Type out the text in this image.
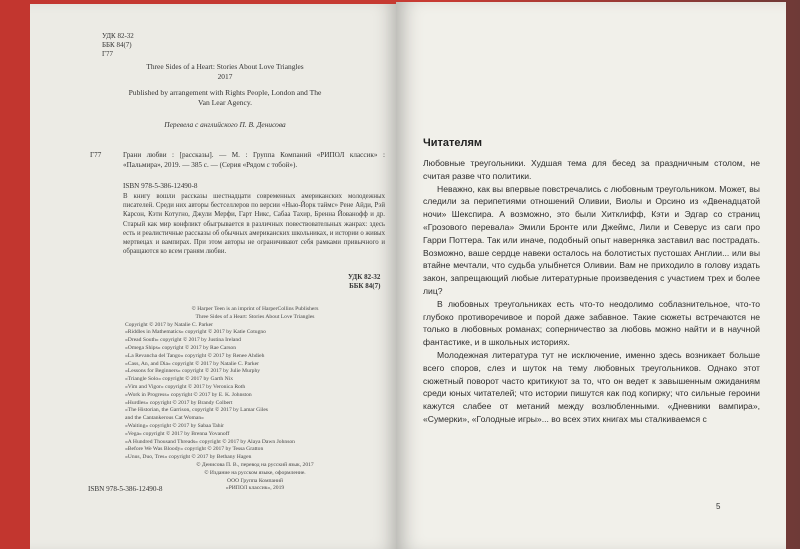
УДК 82-32
ББК 84(7)
Г77
Three Sides of a Heart: Stories About Love Triangles
2017
Published by arrangement with Rights People, London and The Van Lear Agency.
Перевела с английского П. В. Денисова
Г77	Грани любви : [рассказы]. — М. : Группа Компаний «РИПОЛ классик» : «Пальмира», 2019. — 385 с. — (Серия «Рядом с тобой»).
ISBN 978-5-386-12490-8
В книгу вошли рассказы шестнадцати современных американских молодежных писателей. Среди них авторы бестселлеров по версии «Нью-Йорк таймс» Рене Айди, Рэй Карсон, Кэти Котугно, Джули Мерфи, Гарт Никс, Сабаа Тахир, Бренна Йованофф и др. Старый как мир конфликт обыгрывается в различных повествовательных жанрах: здесь есть и реалистичные рассказы об обычных американских школьниках, и истории о живых мертвецах и вампирах. При этом авторы не ограничивают себя рамками привычного и обращаются ко всем граням любви.
УДК 82-32
ББК 84(7)
© Harper Teen is an imprint of HarperCollins Publishers
Three Sides of a Heart: Stories About Love Triangles
Copyright © 2017 by Natalie C. Parker
«Riddles in Mathematics» copyright © 2017 by Katie Cotugno
«Dread South» copyright © 2017 by Justina Ireland
«Omega Ships» copyright © 2017 by Rae Carson
«La Revancha del Tango» copyright © 2017 by Renee Ahdieh
«Cass, An, and Dia» copyright © 2017 by Natalie C. Parker
«Lessons for Beginners» copyright © 2017 by Julie Murphy
«Triangle Solo» copyright © 2017 by Garth Nix
«Vim and Vigor» copyright © 2017 by Veronica Roth
«Work in Progress» copyright © 2017 by E. K. Johnston
«Hurdles» copyright © 2017 by Brandy Colbert
«The Historian, the Garrison, copyright © 2017 by Lamar Giles
and the Cantankerous Cat Woman»
«Waiting» copyright © 2017 by Sabaa Tahir
«Vega» copyright © 2017 by Brenna Yovanoff
«A Hundred Thousand Threads» copyright © 2017 by Alaya Dawn Johnson
«Before We Was Bloody» copyright © 2017 by Tessa Gratton
«Unus, Duo, Tres» copyright © 2017 by Bethany Hagen
© Денисова П. В., перевод на русский язык, 2017
© Издание на русском языке, оформление.
ООО Группа Компаний
«РИПОЛ классик», 2019
ISBN 978-5-386-12490-8
Читателям

Любовные треугольники. Худшая тема для бесед за праздничным столом, не считая разве что политики.

Неважно, как вы впервые повстречались с любовным треугольником. Может, вы следили за перипетиями отношений Оливии, Виолы и Орсино из «Двенадцатой ночи» Шекспира. А возможно, это были Хитклифф, Кэти и Эдгар со страниц «Грозового перевала» Эмили Бронте или Джеймс, Лили и Северус из саги про Гарри Поттера. Так или иначе, подобный опыт наверняка заставил вас пострадать. Возможно, ваше сердце навеки осталось на болотистых пустошах Англии... или вы втайне мечтали, что судьба улыбнется Оливии. Вам не приходило в голову издать закон, запрещающий любые литературные произведения с участием трех и более лиц?

В любовных треугольниках есть что-то неодолимо соблазнительное, что-то глубоко противоречивое и порой даже забавное. Такие сюжеты встречаются не только в любовных романах; соперничество за любовь можно найти и в научной фантастике, и в школьных историях.

Молодежная литература тут не исключение, именно здесь возникает больше всего споров, слез и шуток на тему любовных треугольников. Однако этот сюжетный поворот часто критикуют за то, что он ведет к завышенным ожиданиям среди юных читателей; что истории пишутся как под копирку; что сильные героини кажутся слабее от метаний между возлюбленными. «Дневники вампира», «Сумерки», «Голодные игры»... во всех этих книгах мы сталкиваемся с

5
